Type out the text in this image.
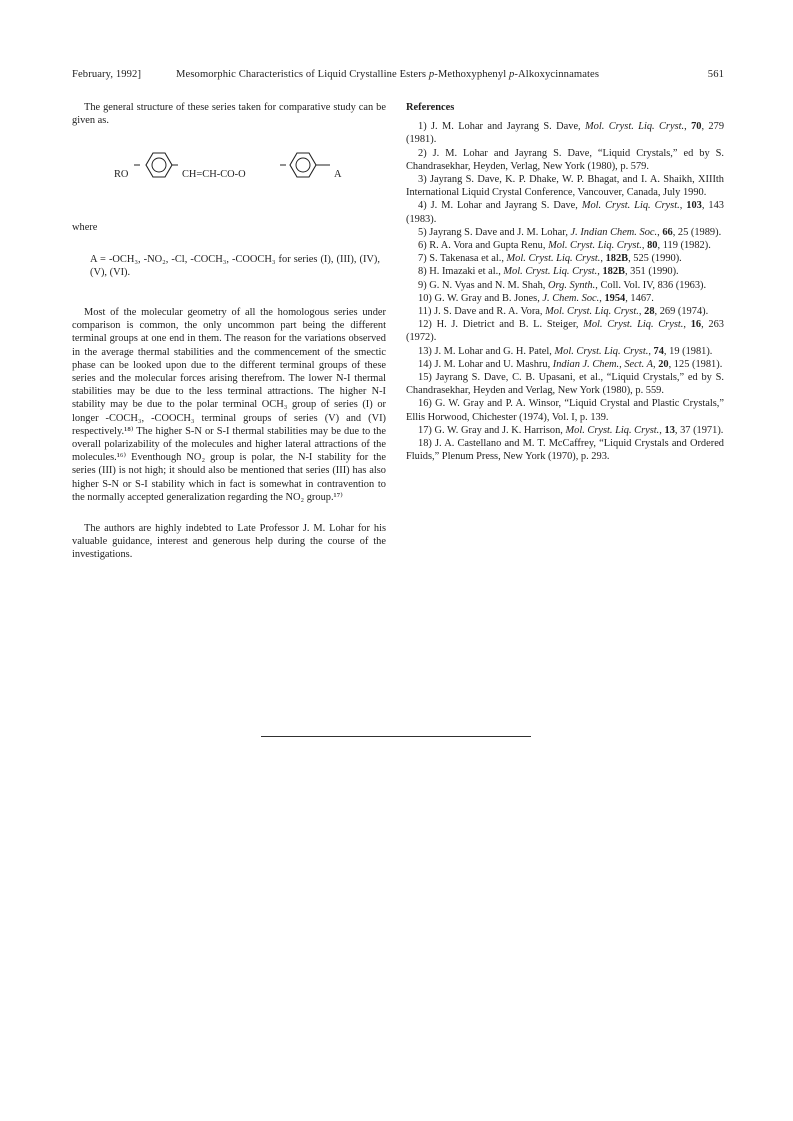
February, 1992]	Mesomorphic Characteristics of Liquid Crystalline Esters p-Methoxyphenyl p-Alkoxycinnamates	561

The general structure of these series taken for comparative study can be given as.

RO	CH=CH-CO-O	A

where

A = -OCH₃, -NO₂, -Cl, -COCH₃, -COOCH₃ for series (I), (III), (IV), (V), (VI).

Most of the molecular geometry of all the homologous series under comparison is common, the only uncommon part being the different terminal groups at one end in them. The reason for the variations observed in the average thermal stabilities and the commencement of the smectic phase can be looked upon due to the different terminal groups of these series and the molecular forces arising therefrom. The lower N-I thermal stabilities may be due to the less terminal attractions. The higher N-I stability may be due to the polar terminal OCH₃ group of series (I) or longer -COCH₃, -COOCH₃ terminal groups of series (V) and (VI) respectively.¹⁸⁾ The higher S-N or S-I thermal stabilities may be due to the overall polarizability of the molecules and higher lateral attractions of the molecules.¹⁶⁾ Eventhough NO₂ group is polar, the N-I stability for the series (III) is not high; it should also be mentioned that series (III) has also higher S-N or S-I stability which in fact is somewhat in contravention to the normally accepted generalization regarding the NO₂ group.¹⁷⁾

The authors are highly indebted to Late Professor J. M. Lohar for his valuable guidance, interest and generous help during the course of the investigations.

References

1) J. M. Lohar and Jayrang S. Dave, Mol. Cryst. Liq. Cryst., 70, 279 (1981).

2) J. M. Lohar and Jayrang S. Dave, “Liquid Crystals,” ed by S. Chandrasekhar, Heyden, Verlag, New York (1980), p. 579.

3) Jayrang S. Dave, K. P. Dhake, W. P. Bhagat, and I. A. Shaikh, XIIIth International Liquid Crystal Conference, Vancouver, Canada, July 1990.

4) J. M. Lohar and Jayrang S. Dave, Mol. Cryst. Liq. Cryst., 103, 143 (1983).

5) Jayrang S. Dave and J. M. Lohar, J. Indian Chem. Soc., 66, 25 (1989).

6) R. A. Vora and Gupta Renu, Mol. Cryst. Liq. Cryst., 80, 119 (1982).

7) S. Takenasa et al., Mol. Cryst. Liq. Cryst., 182B, 525 (1990).

8) H. Imazaki et al., Mol. Cryst. Liq. Cryst., 182B, 351 (1990).

9) G. N. Vyas and N. M. Shah, Org. Synth., Coll. Vol. IV, 836 (1963).

10) G. W. Gray and B. Jones, J. Chem. Soc., 1954, 1467.

11) J. S. Dave and R. A. Vora, Mol. Cryst. Liq. Cryst., 28, 269 (1974).

12) H. J. Dietrict and B. L. Steiger, Mol. Cryst. Liq. Cryst., 16, 263 (1972).

13) J. M. Lohar and G. H. Patel, Mol. Cryst. Liq. Cryst., 74, 19 (1981).

14) J. M. Lohar and U. Mashru, Indian J. Chem., Sect. A, 20, 125 (1981).

15) Jayrang S. Dave, C. B. Upasani, et al., “Liquid Crystals,” ed by S. Chandrasekhar, Heyden and Verlag, New York (1980), p. 559.

16) G. W. Gray and P. A. Winsor, “Liquid Crystal and Plastic Crystals,” Ellis Horwood, Chichester (1974), Vol. I, p. 139.

17) G. W. Gray and J. K. Harrison, Mol. Cryst. Liq. Cryst., 13, 37 (1971).

18) J. A. Castellano and M. T. McCaffrey, “Liquid Crystals and Ordered Fluids,” Plenum Press, New York (1970), p. 293.
